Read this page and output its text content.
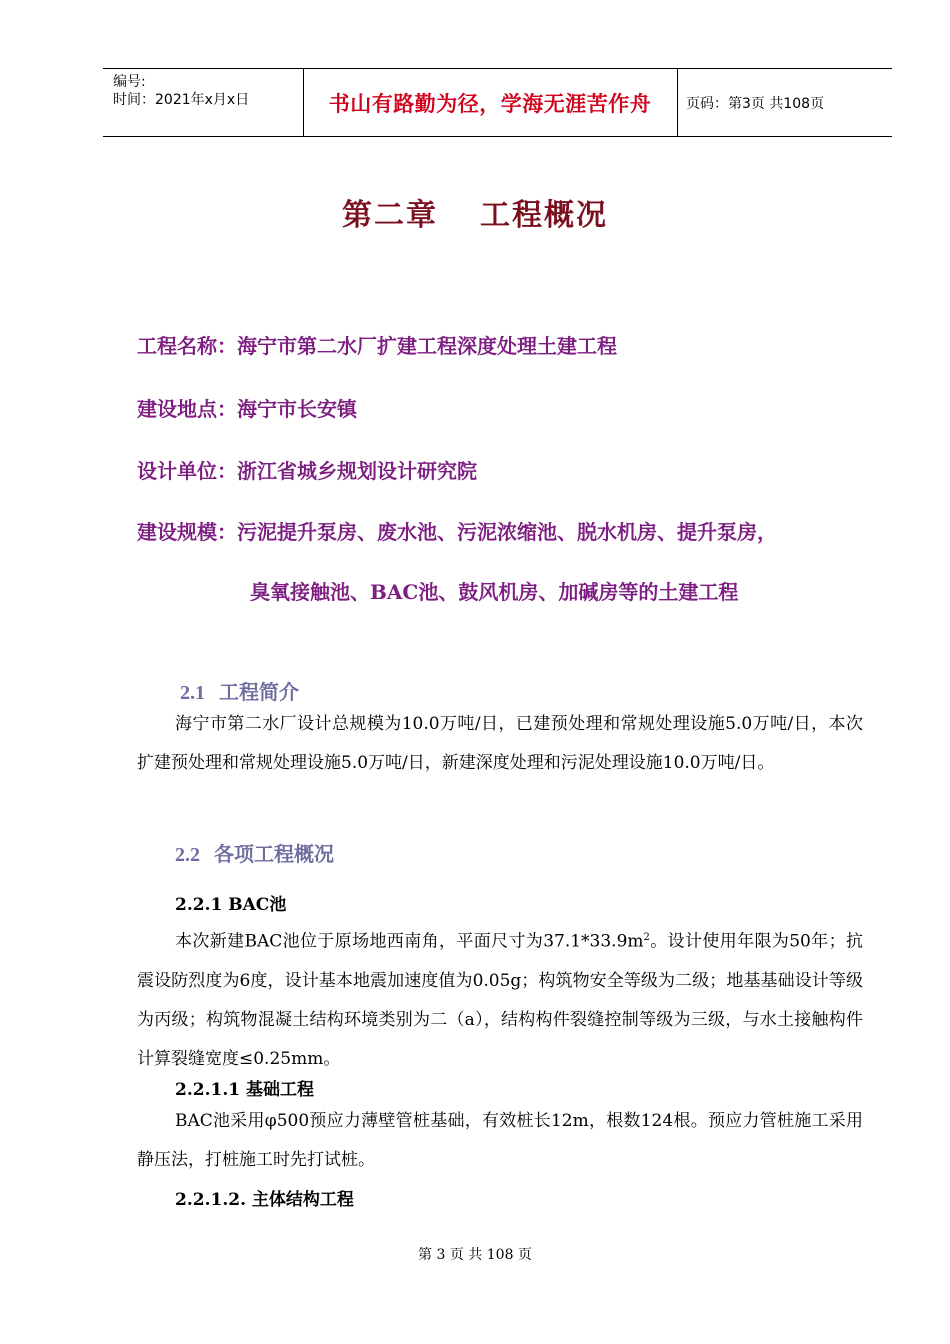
编号:
时间：2021年x月x日	书山有路勤为径，学海无涯苦作舟	页码：第3页 共108页
第二章 工程概况
工程名称：海宁市第二水厂扩建工程深度处理土建工程
建设地点：海宁市长安镇
设计单位：浙江省城乡规划设计研究院
建设规模：污泥提升泵房、废水池、污泥浓缩池、脱水机房、提升泵房，
臭氧接触池、BAC池、鼓风机房、加碱房等的土建工程
2.1 工程简介
海宁市第二水厂设计总规模为10.0万吨/日，已建预处理和常规处理设施5.0万吨/日，本次扩建预处理和常规处理设施5.0万吨/日，新建深度处理和污泥处理设施10.0万吨/日。
2.2 各项工程概况
2.2.1 BAC池
本次新建BAC池位于原场地西南角，平面尺寸为$37.1*33.9m^2$。设计使用年限为50年；抗震设防烈度为6度，设计基本地震加速度值为0.05g；构筑物安全等级为二级；地基基础设计等级为丙级；构筑物混凝土结构环境类别为二（a），结构构件裂缝控制等级为三级，与水土接触构件计算裂缝宽度≤0.25mm。
2.2.1.1 基础工程
BAC池采用φ500预应力薄壁管桩基础，有效桩长12m，根数124根。预应力管桩施工采用静压法，打桩施工时先打试桩。
2.2.1.2. 主体结构工程
第 3 页 共 108 页
